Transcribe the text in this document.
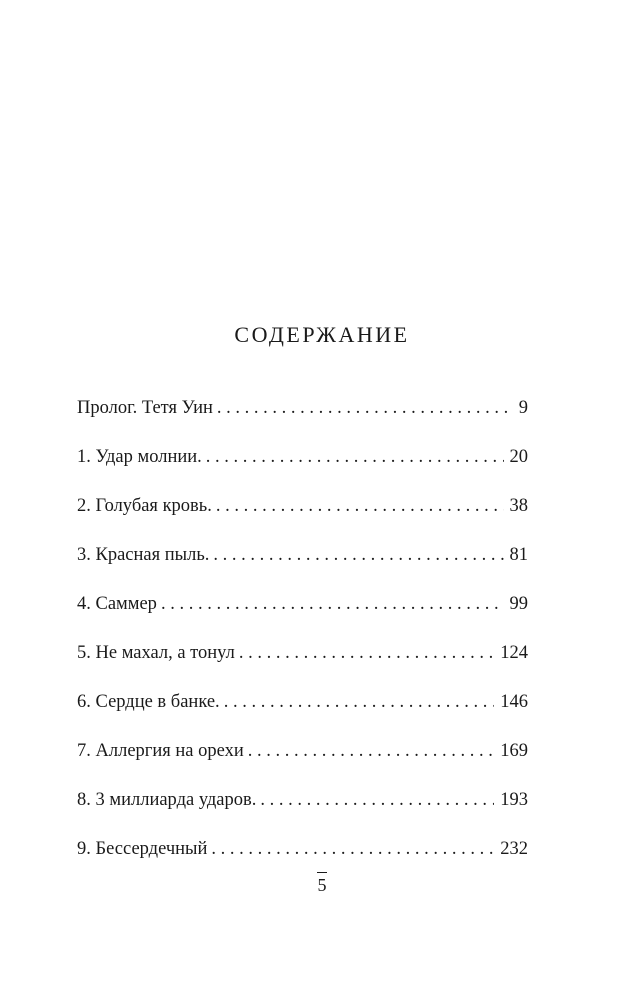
СОДЕРЖАНИЕ
Пролог. Тетя Уин . . .	9
1. Удар молнии. . . .	20
2. Голубая кровь. . . .	38
3. Красная пыль. . . .	81
4. Саммер . . .	99
5. Не махал, а тонул . . .	124
6. Сердце в банке. . . .	146
7. Аллергия на орехи . . .	169
8. 3 миллиарда ударов. . . .	193
9. Бессердечный . . .	232
5
